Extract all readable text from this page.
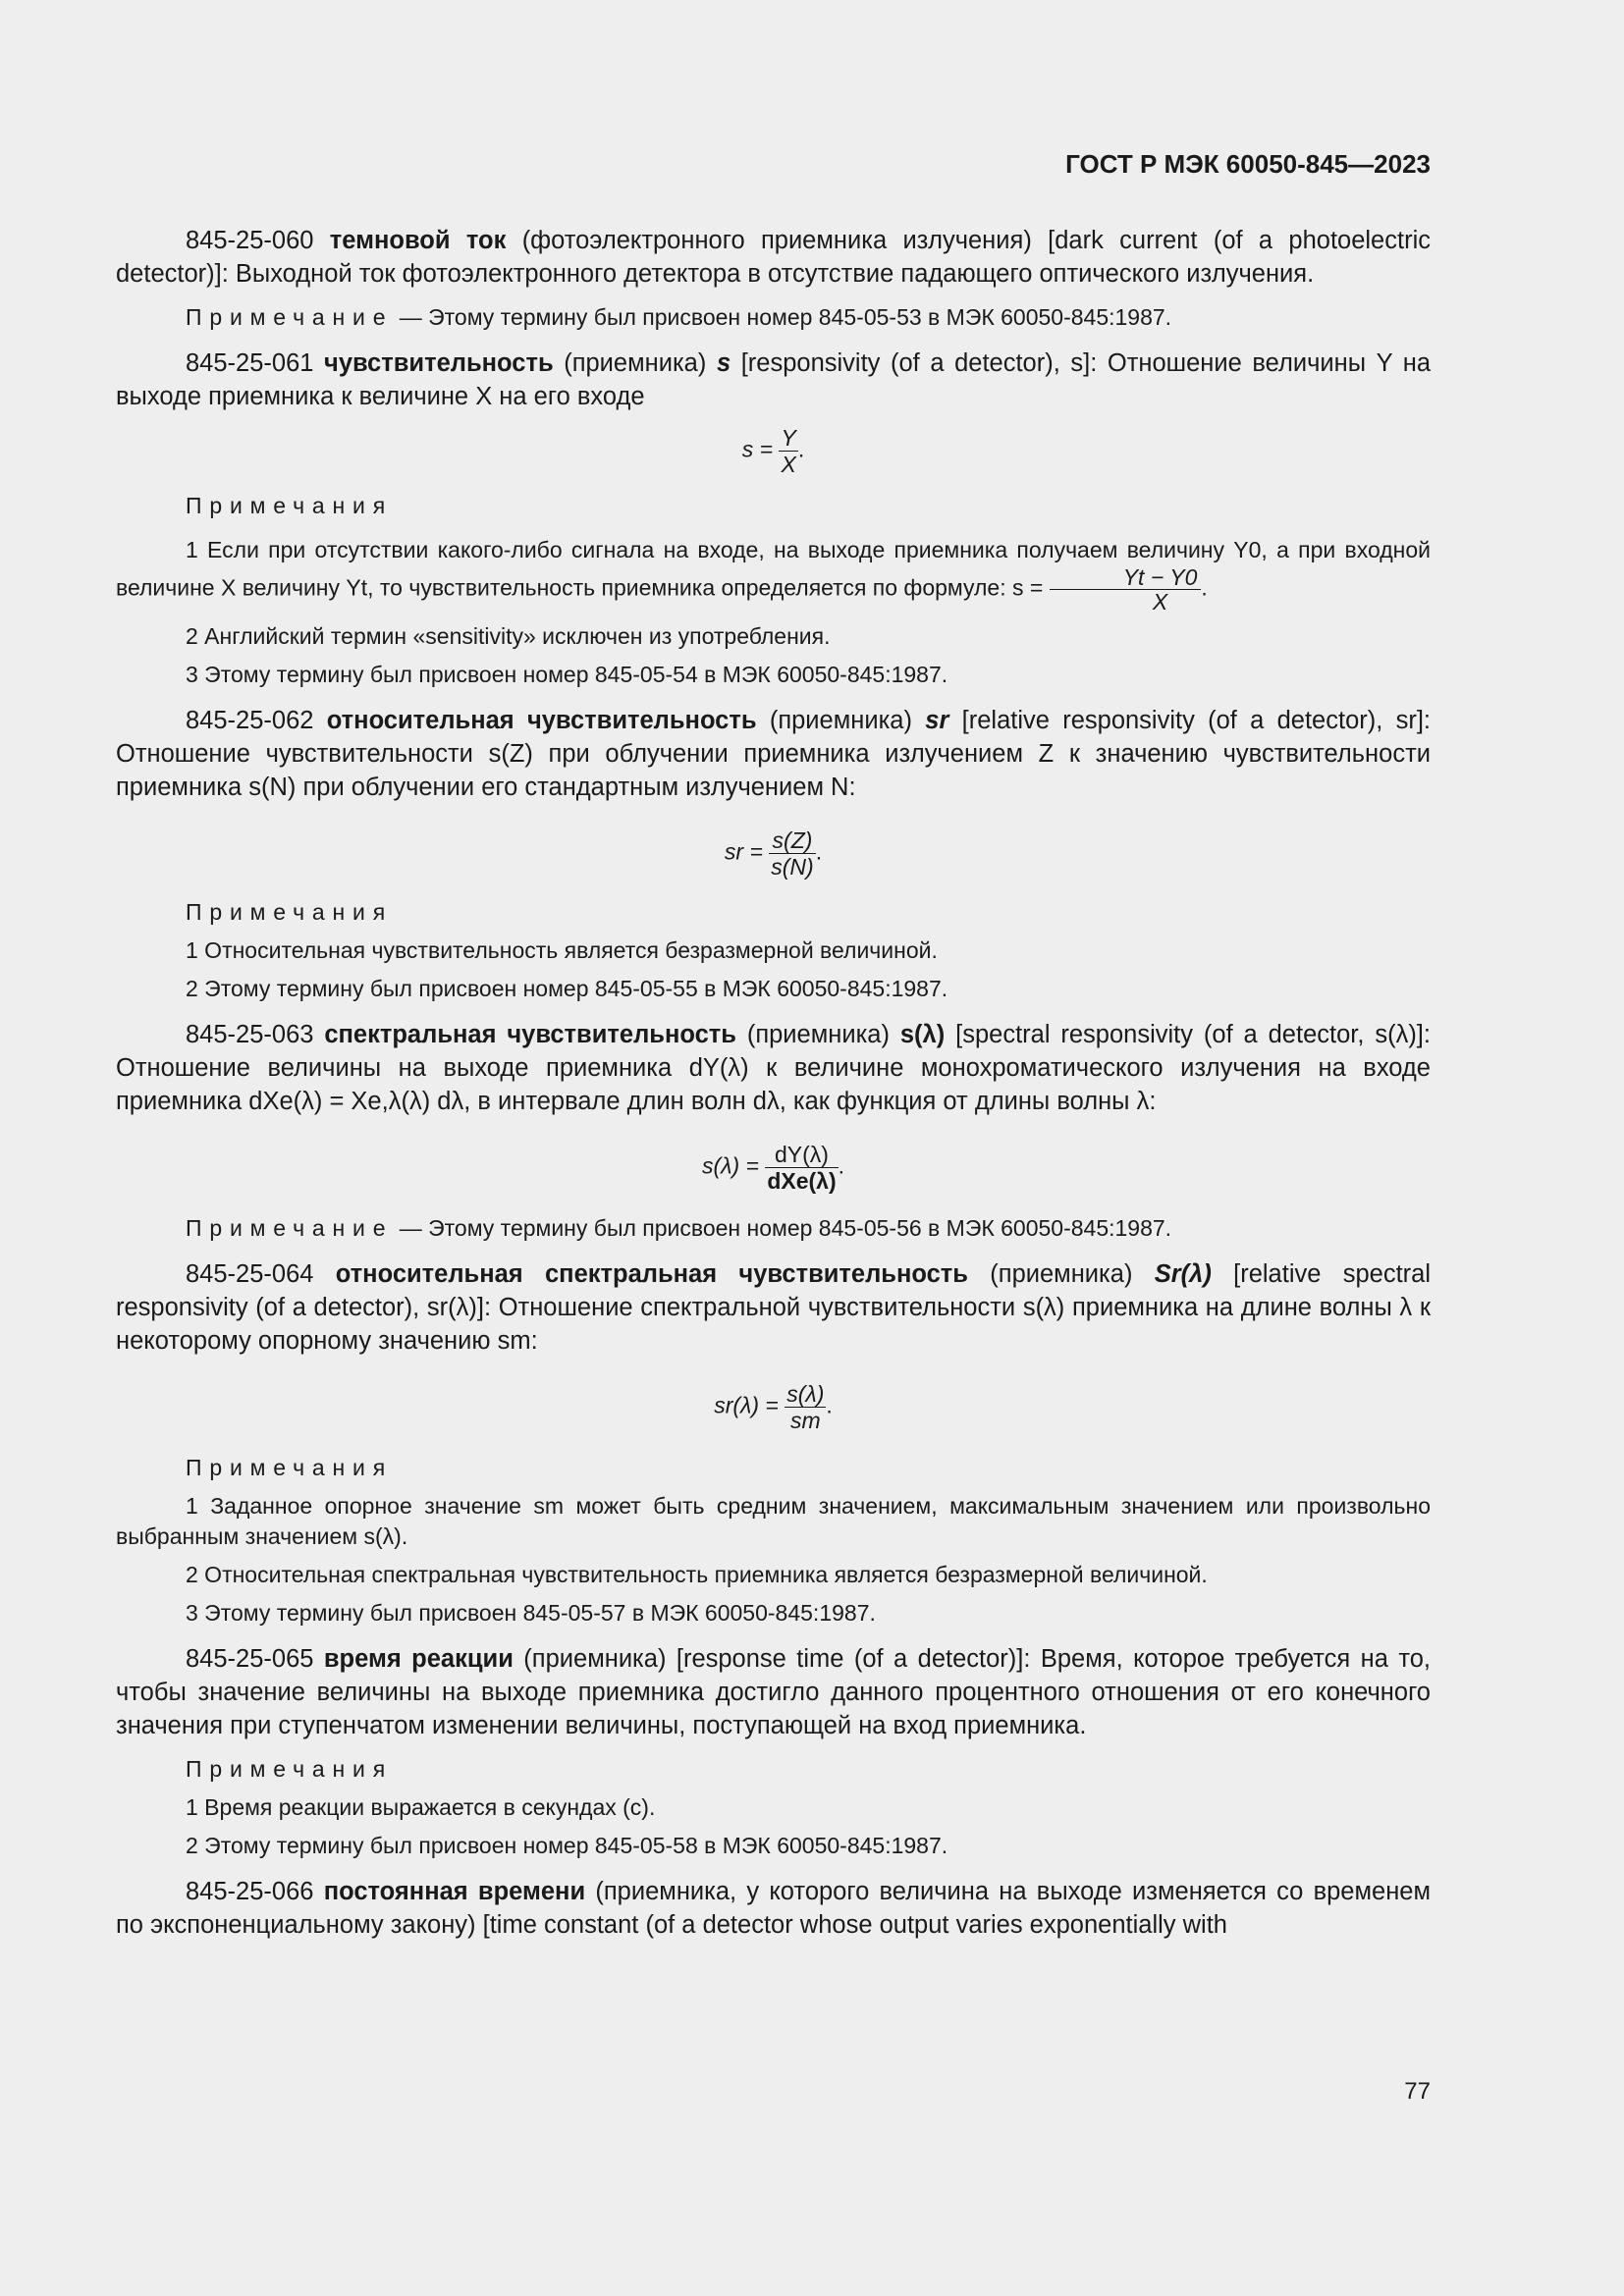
ГОСТ Р МЭК 60050-845—2023

845-25-060 темновой ток (фотоэлектронного приемника излучения) [dark current (of a photoelectric detector)]: Выходной ток фотоэлектронного детектора в отсутствие падающего оптического излучения.

Примечание — Этому термину был присвоен номер 845-05-53 в МЭК 60050-845:1987.

845-25-061 чувствительность (приемника) s [responsivity (of a detector), s]: Отношение величины Y на выходе приемника к величине X на его входе

$s = \frac{Y}{X}$ .
Примечания

1 Если при отсутствии какого-либо сигнала на входе, на выходе приемника получаем величину Y0, а при входной величине X величину Yt, то чувствительность приемника определяется по формуле: $s = \frac{Yt - Y0}{X}$ .

2 Английский термин «sensitivity» исключен из употребления.

3 Этому термину был присвоен номер 845-05-54 в МЭК 60050-845:1987.

845-25-062 относительная чувствительность (приемника) sr [relative responsivity (of a detector), sr]: Отношение чувствительности s(Z) при облучении приемника излучением Z к значению чувствительности приемника s(N) при облучении его стандартным излучением N:

sr = $\frac{s(Z)}{s(N)}$ .
Примечания

1 Относительная чувствительность является безразмерной величиной.

2 Этому термину был присвоен номер 845-05-55 в МЭК 60050-845:1987.

845-25-063 спектральная чувствительность (приемника) s(λ) [spectral responsivity (of a detector, s(λ)]: Отношение величины на выходе приемника dY(λ) к величине монохроматического излучения на входе приемника dXe(λ) = Xe,λ(λ) dλ, в интервале длин волн dλ, как функция от длины волны λ:

$s(\lambda) = \frac{dY(\lambda)}{\text{dXe(λ)}}$ .

Примечание — Этому термину был присвоен номер 845-05-56 в МЭК 60050-845:1987.

845-25-064 относительная спектральная чувствительность (приемника) Sr(λ) [relative spectral responsivity (of a detector), sr(λ)]: Отношение спектральной чувствительности s(λ) приемника на длине волны λ к некоторому опорному значению sm:

$sr(\lambda) = \frac{s(\lambda)}{sm}$ .
Примечания

1 Заданное опорное значение sm может быть средним значением, максимальным значением или произвольно выбранным значением s(λ).

2 Относительная спектральная чувствительность приемника является безразмерной величиной.

3 Этому термину был присвоен 845-05-57 в МЭК 60050-845:1987.

845-25-065 время реакции (приемника) [response time (of a detector)]: Время, которое требуется на то, чтобы значение величины на выходе приемника достигло данного процентного отношения от его конечного значения при ступенчатом изменении величины, поступающей на вход приемника.

Примечания

1 Время реакции выражается в секундах (с).

2 Этому термину был присвоен номер 845-05-58 в МЭК 60050-845:1987.

845-25-066 постоянная времени (приемника, у которого величина на выходе изменяется со временем по экспоненциальному закону) [time constant (of a detector whose output varies exponentially with

77
